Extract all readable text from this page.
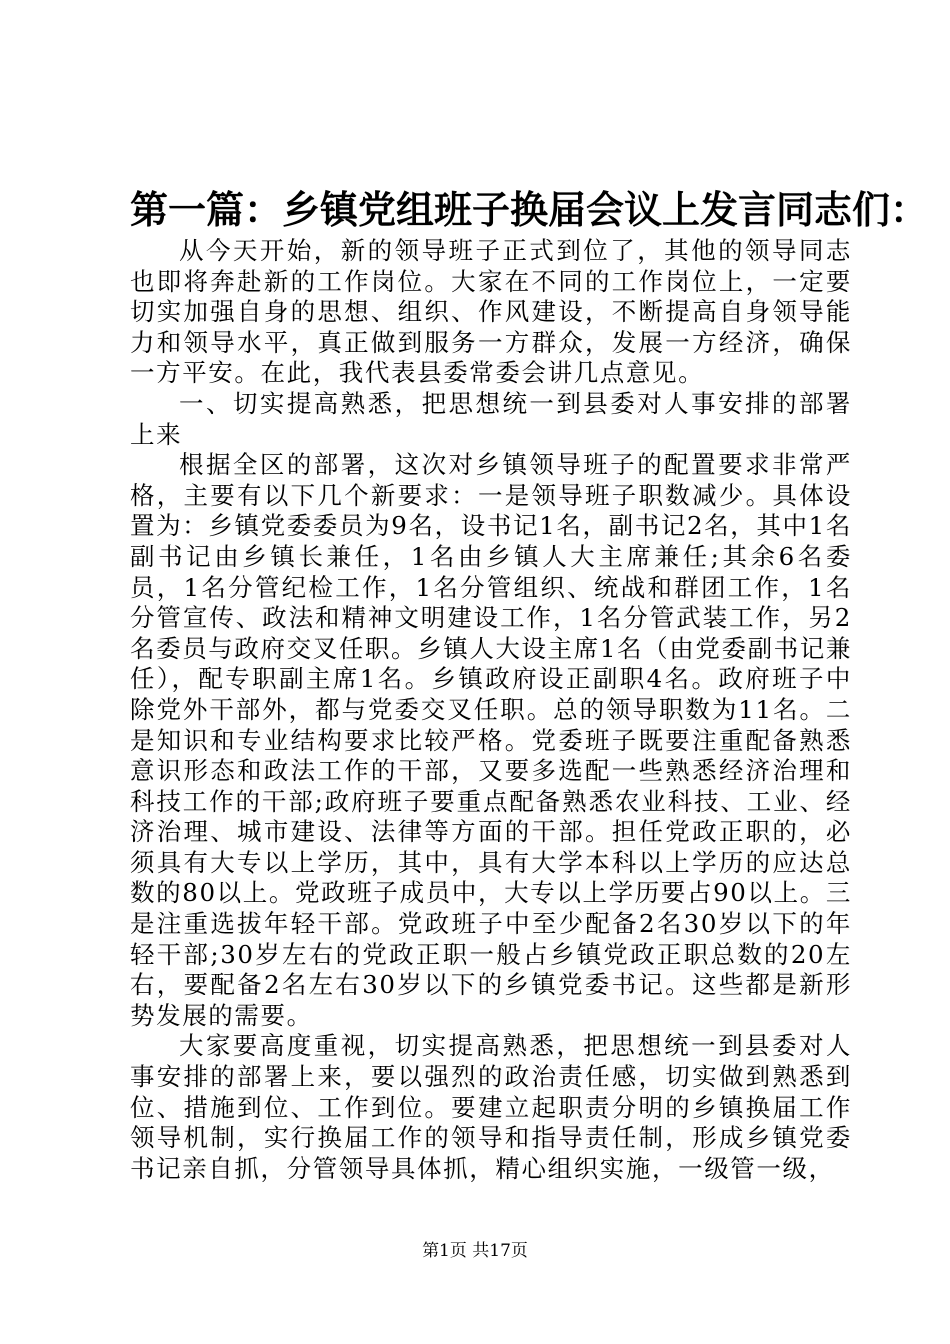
第一篇：乡镇党组班子换届会议上发言同志们：

从今天开始，新的领导班子正式到位了，其他的领导同志也即将奔赴新的工作岗位。大家在不同的工作岗位上，一定要切实加强自身的思想、组织、作风建设，不断提高自身领导能力和领导水平，真正做到服务一方群众，发展一方经济，确保一方平安。在此，我代表县委常委会讲几点意见。

一、切实提高熟悉，把思想统一到县委对人事安排的部署上来

根据全区的部署，这次对乡镇领导班子的配置要求非常严格，主要有以下几个新要求：一是领导班子职数减少。具体设置为：乡镇党委委员为9名，设书记1名，副书记2名，其中1名副书记由乡镇长兼任，1名由乡镇人大主席兼任;其余6名委员，1名分管纪检工作，1名分管组织、统战和群团工作，1名分管宣传、政法和精神文明建设工作，1名分管武装工作，另2名委员与政府交叉任职。乡镇人大设主席1名（由党委副书记兼任），配专职副主席1名。乡镇政府设正副职4名。政府班子中除党外干部外，都与党委交叉任职。总的领导职数为11名。二是知识和专业结构要求比较严格。党委班子既要注重配备熟悉意识形态和政法工作的干部，又要多选配一些熟悉经济治理和科技工作的干部;政府班子要重点配备熟悉农业科技、工业、经济治理、城市建设、法律等方面的干部。担任党政正职的，必须具有大专以上学历，其中，具有大学本科以上学历的应达总数的80以上。党政班子成员中，大专以上学历要占90以上。三是注重选拔年轻干部。党政班子中至少配备2名30岁以下的年轻干部;30岁左右的党政正职一般占乡镇党政正职总数的20左右，要配备2名左右30岁以下的乡镇党委书记。这些都是新形势发展的需要。

大家要高度重视，切实提高熟悉，把思想统一到县委对人事安排的部署上来，要以强烈的政治责任感，切实做到熟悉到位、措施到位、工作到位。要建立起职责分明的乡镇换届工作领导机制，实行换届工作的领导和指导责任制，形成乡镇党委书记亲自抓，分管领导具体抓，精心组织实施，一级管一级，

第1页 共17页
